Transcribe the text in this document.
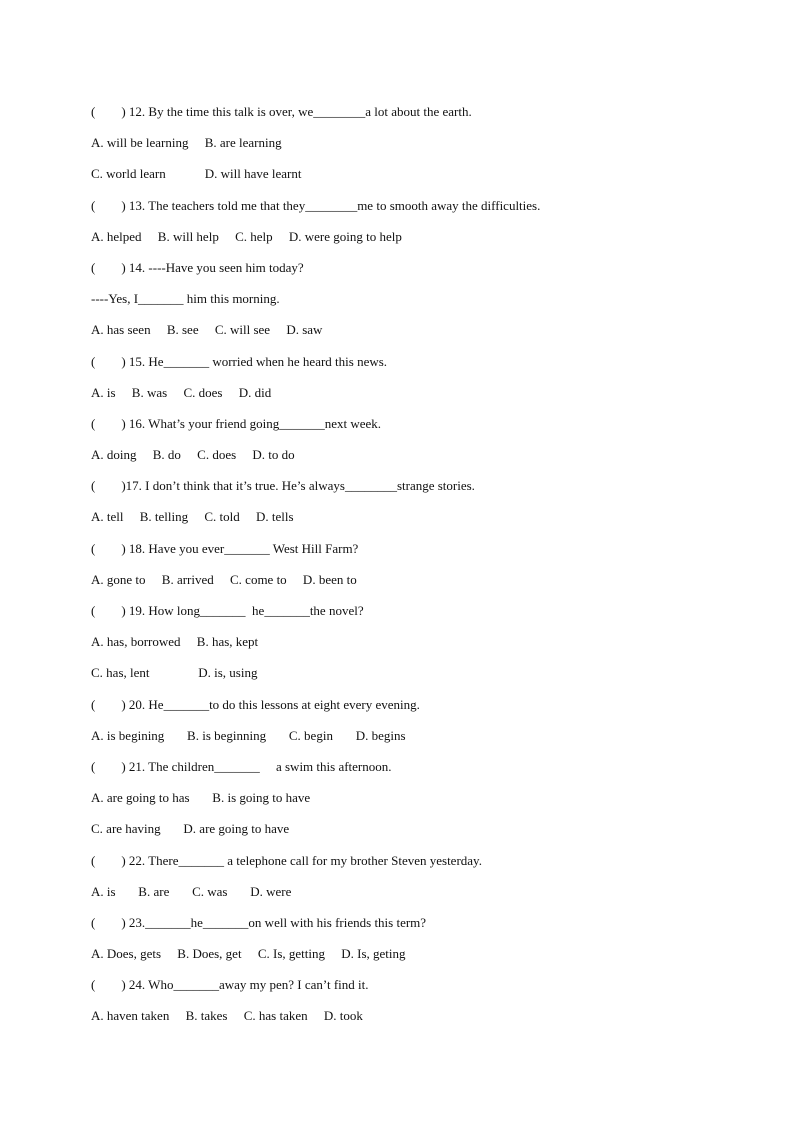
(        ) 12. By the time this talk is over, we________a lot about the earth.
A. will be learning     B. are learning
C. world learn            D. will have learnt
(        ) 13. The teachers told me that they________me to smooth away the difficulties.
A. helped     B. will help     C. help     D. were going to help
(        ) 14. ----Have you seen him today?
----Yes, I_______ him this morning.
A. has seen     B. see     C. will see     D. saw
(        ) 15. He_______ worried when he heard this news.
A. is     B. was     C. does     D. did
(        ) 16. What’s your friend going_______next week.
A. doing     B. do     C. does     D. to do
(        )17. I don’t think that it’s true. He’s always________strange stories.
A. tell     B. telling     C. told     D. tells
(        ) 18. Have you ever_______ West Hill Farm?
A. gone to     B. arrived     C. come to     D. been to
(        ) 19. How long_______  he_______the novel?
A. has, borrowed     B. has, kept
C. has, lent               D. is, using
(        ) 20. He_______to do this lessons at eight every evening.
A. is begining       B. is beginning       C. begin       D. begins
(        ) 21. The children_______     a swim this afternoon.
A. are going to has       B. is going to have
C. are having       D. are going to have
(        ) 22. There_______ a telephone call for my brother Steven yesterday.
A. is       B. are       C. was       D. were
(        ) 23._______he_______on well with his friends this term?
A. Does, gets     B. Does, get     C. Is, getting     D. Is, geting
(        ) 24. Who_______away my pen? I can’t find it.
A. haven taken     B. takes     C. has taken     D. took
